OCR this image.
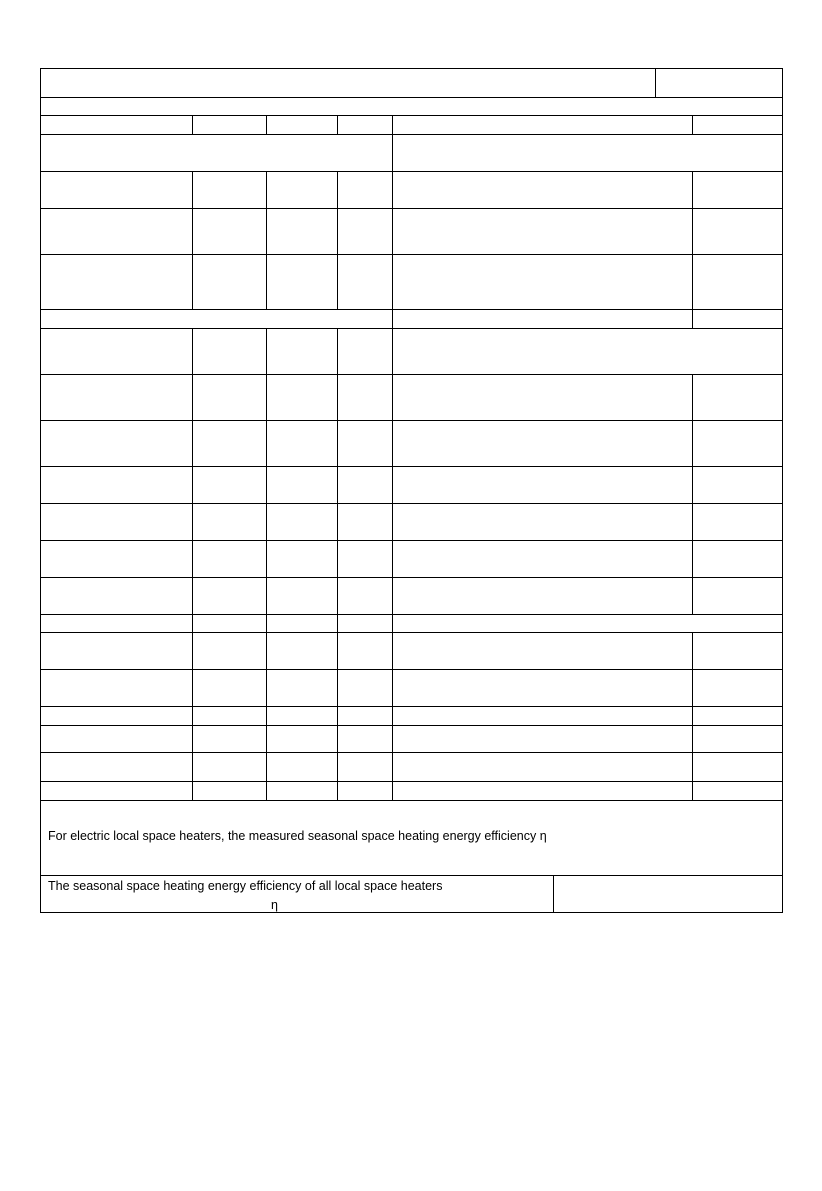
For electric local space heaters, the measured seasonal space heating energy efficiency η
The seasonal space heating energy efficiency of all local space heaters
η
